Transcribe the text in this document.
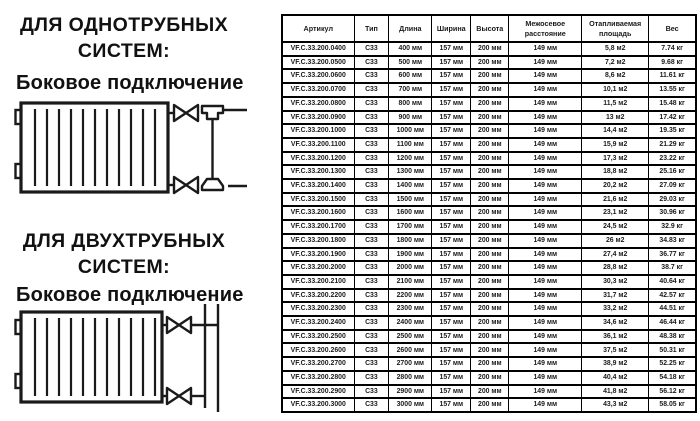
ДЛЯ ОДНОТРУБНЫХ
СИСТЕМ:
Боковое подключение
ДЛЯ ДВУХТРУБНЫХ
СИСТЕМ:
Боковое подключение
Артикул	Тип	Длина	Ширина	Высота	Межосевое расстояние	Отапливаемая площадь	Вес
VF.C.33.200.0400	C33	400 мм	157 мм	200 мм	149 мм	5,8 м2	7.74 кг
VF.C.33.200.0500	C33	500 мм	157 мм	200 мм	149 мм	7,2 м2	9.68 кг
VF.C.33.200.0600	C33	600 мм	157 мм	200 мм	149 мм	8,6 м2	11.61 кг
VF.C.33.200.0700	C33	700 мм	157 мм	200 мм	149 мм	10,1 м2	13.55 кг
VF.C.33.200.0800	C33	800 мм	157 мм	200 мм	149 мм	11,5 м2	15.48 кг
VF.C.33.200.0900	C33	900 мм	157 мм	200 мм	149 мм	13 м2	17.42 кг
VF.C.33.200.1000	C33	1000 мм	157 мм	200 мм	149 мм	14,4 м2	19.35 кг
VF.C.33.200.1100	C33	1100 мм	157 мм	200 мм	149 мм	15,9 м2	21.29 кг
VF.C.33.200.1200	C33	1200 мм	157 мм	200 мм	149 мм	17,3 м2	23.22 кг
VF.C.33.200.1300	C33	1300 мм	157 мм	200 мм	149 мм	18,8 м2	25.16 кг
VF.C.33.200.1400	C33	1400 мм	157 мм	200 мм	149 мм	20,2 м2	27.09 кг
VF.C.33.200.1500	C33	1500 мм	157 мм	200 мм	149 мм	21,6 м2	29.03 кг
VF.C.33.200.1600	C33	1600 мм	157 мм	200 мм	149 мм	23,1 м2	30.96 кг
VF.C.33.200.1700	C33	1700 мм	157 мм	200 мм	149 мм	24,5 м2	32.9 кг
VF.C.33.200.1800	C33	1800 мм	157 мм	200 мм	149 мм	26 м2	34.83 кг
VF.C.33.200.1900	C33	1900 мм	157 мм	200 мм	149 мм	27,4 м2	36.77 кг
VF.C.33.200.2000	C33	2000 мм	157 мм	200 мм	149 мм	28,8 м2	38.7 кг
VF.C.33.200.2100	C33	2100 мм	157 мм	200 мм	149 мм	30,3 м2	40.64 кг
VF.C.33.200.2200	C33	2200 мм	157 мм	200 мм	149 мм	31,7 м2	42.57 кг
VF.C.33.200.2300	C33	2300 мм	157 мм	200 мм	149 мм	33,2 м2	44.51 кг
VF.C.33.200.2400	C33	2400 мм	157 мм	200 мм	149 мм	34,6 м2	46.44 кг
VF.C.33.200.2500	C33	2500 мм	157 мм	200 мм	149 мм	36,1 м2	48.38 кг
VF.C.33.200.2600	C33	2600 мм	157 мм	200 мм	149 мм	37,5 м2	50.31 кг
VF.C.33.200.2700	C33	2700 мм	157 мм	200 мм	149 мм	38,9 м2	52.25 кг
VF.C.33.200.2800	C33	2800 мм	157 мм	200 мм	149 мм	40,4 м2	54.18 кг
VF.C.33.200.2900	C33	2900 мм	157 мм	200 мм	149 мм	41,8 м2	56.12 кг
VF.C.33.200.3000	C33	3000 мм	157 мм	200 мм	149 мм	43,3 м2	58.05 кг
